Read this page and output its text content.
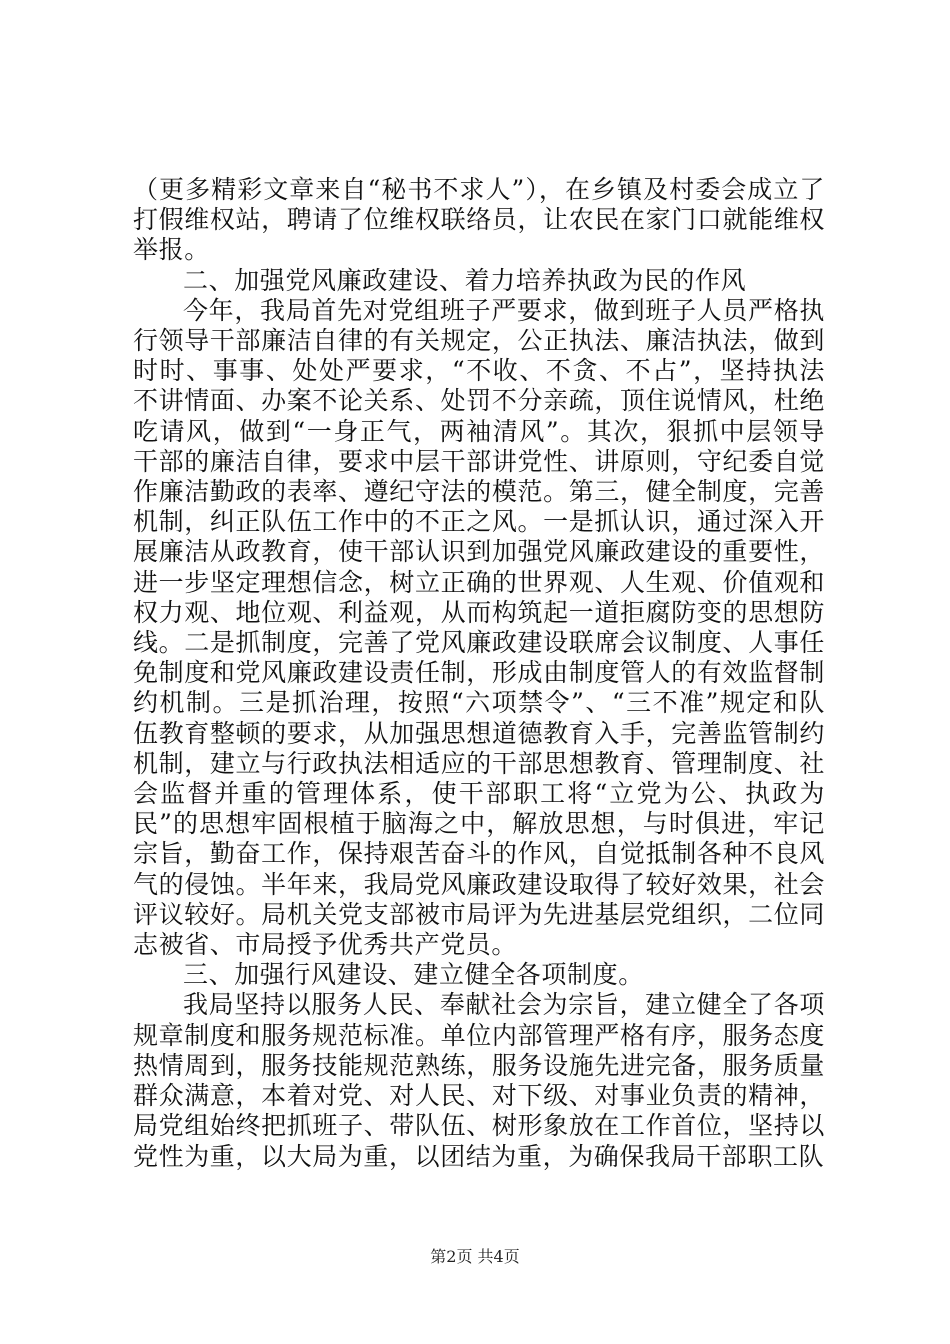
（更多精彩文章来自“秘书不求人”），在乡镇及村委会成立了打假维权站，聘请了位维权联络员，让农民在家门口就能维权举报。

二、加强党风廉政建设、着力培养执政为民的作风

今年，我局首先对党组班子严要求，做到班子人员严格执行领导干部廉洁自律的有关规定，公正执法、廉洁执法，做到时时、事事、处处严要求，“不收、不贪、不占”，坚持执法不讲情面、办案不论关系、处罚不分亲疏，顶住说情风，杜绝吃请风，做到“一身正气，两袖清风”。其次，狠抓中层领导干部的廉洁自律，要求中层干部讲党性、讲原则，守纪委自觉作廉洁勤政的表率、遵纪守法的模范。第三，健全制度，完善机制，纠正队伍工作中的不正之风。一是抓认识，通过深入开展廉洁从政教育，使干部认识到加强党风廉政建设的重要性，进一步坚定理想信念，树立正确的世界观、人生观、价值观和权力观、地位观、利益观，从而构筑起一道拒腐防变的思想防线。二是抓制度，完善了党风廉政建设联席会议制度、人事任免制度和党风廉政建设责任制，形成由制度管人的有效监督制约机制。三是抓治理，按照“六项禁令”、“三不准”规定和队伍教育整顿的要求，从加强思想道德教育入手，完善监管制约机制，建立与行政执法相适应的干部思想教育、管理制度、社会监督并重的管理体系，使干部职工将“立党为公、执政为民”的思想牢固根植于脑海之中，解放思想，与时俱进，牢记宗旨，勤奋工作，保持艰苦奋斗的作风，自觉抵制各种不良风气的侵蚀。半年来，我局党风廉政建设取得了较好效果，社会评议较好。局机关党支部被市局评为先进基层党组织，二位同志被省、市局授予优秀共产党员。

三、加强行风建设、建立健全各项制度。

我局坚持以服务人民、奉献社会为宗旨，建立健全了各项规章制度和服务规范标准。单位内部管理严格有序，服务态度热情周到，服务技能规范熟练，服务设施先进完备，服务质量群众满意，本着对党、对人民、对下级、对事业负责的精神，局党组始终把抓班子、带队伍、树形象放在工作首位，坚持以党性为重，以大局为重，以团结为重，为确保我局干部职工队

第2页 共4页
